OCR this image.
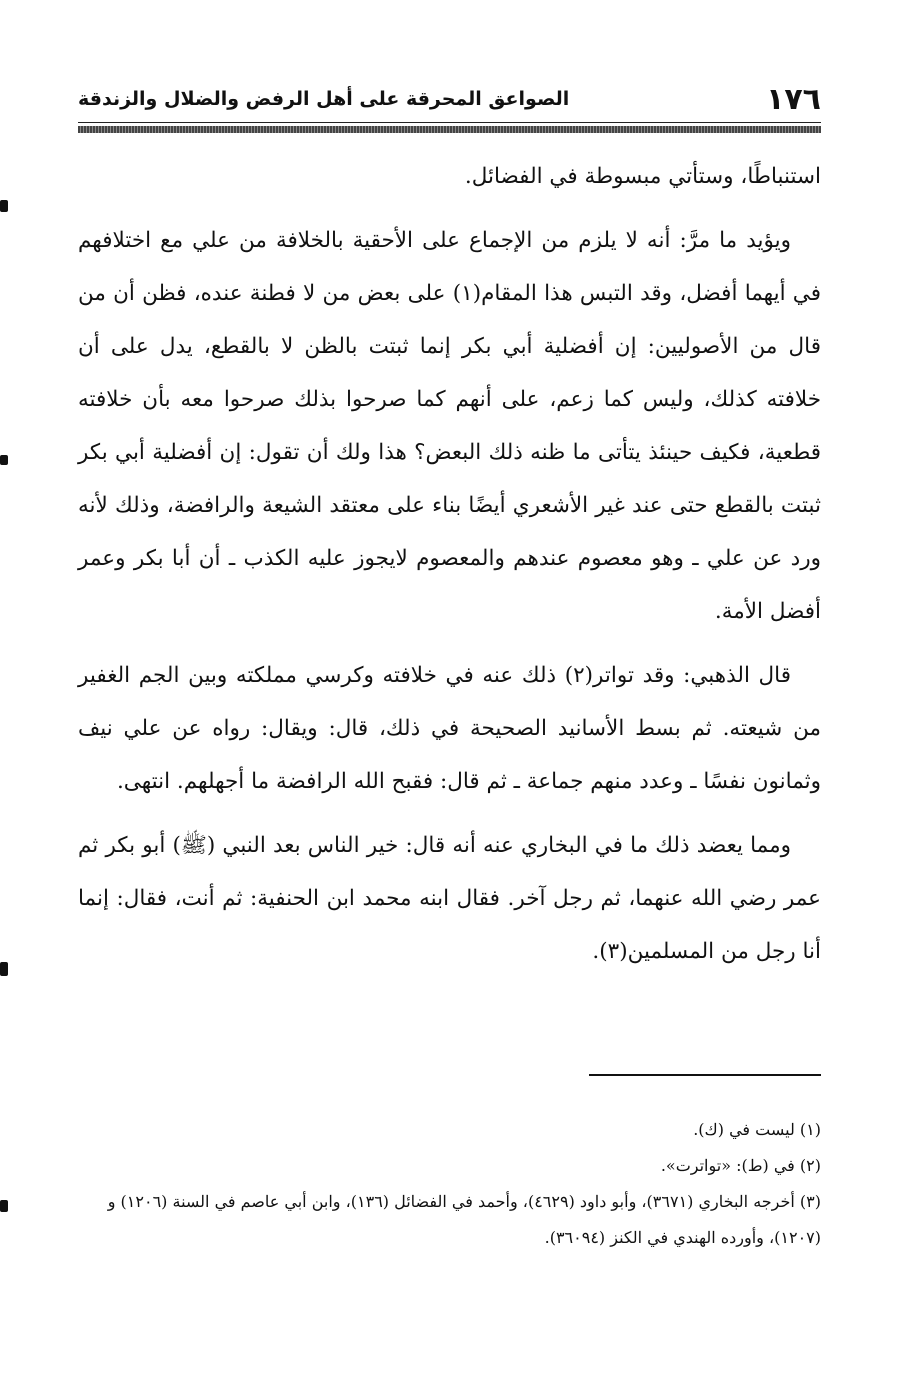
١٧٦
الصواعق المحرقة على أهل الرفض والضلال والزندقة

استنباطًا، وستأتي مبسوطة في الفضائل.

ويؤيد ما مرَّ: أنه لا يلزم من الإجماع على الأحقية بالخلافة من علي مع اختلافهم في أيهما أفضل، وقد التبس هذا المقام(١) على بعض من لا فطنة عنده، فظن أن من قال من الأصوليين: إن أفضلية أبي بكر إنما ثبتت بالظن لا بالقطع، يدل على أن خلافته كذلك، وليس كما زعم، على أنهم كما صرحوا بذلك صرحوا معه بأن خلافته قطعية، فكيف حينئذ يتأتى ما ظنه ذلك البعض؟ هذا ولك أن تقول: إن أفضلية أبي بكر ثبتت بالقطع حتى عند غير الأشعري أيضًا بناء على معتقد الشيعة والرافضة، وذلك لأنه ورد عن علي ـ وهو معصوم عندهم والمعصوم لايجوز عليه الكذب ـ أن أبا بكر وعمر أفضل الأمة.

قال الذهبي: وقد تواتر(٢) ذلك عنه في خلافته وكرسي مملكته وبين الجم الغفير من شيعته. ثم بسط الأسانيد الصحيحة في ذلك، قال: ويقال: رواه عن علي نيف وثمانون نفسًا ـ وعدد منهم جماعة ـ ثم قال: فقبح الله الرافضة ما أجهلهم. انتهى.

ومما يعضد ذلك ما في البخاري عنه أنه قال: خير الناس بعد النبي (ﷺ) أبو بكر ثم عمر رضي الله عنهما، ثم رجل آخر. فقال ابنه محمد ابن الحنفية: ثم أنت، فقال: إنما أنا رجل من المسلمين(٣).

(١) ليست في (ك).

(٢) في (ط): «تواترت».

(٣) أخرجه البخاري (٣٦٧١)، وأبو داود (٤٦٢٩)، وأحمد في الفضائل (١٣٦)، وابن أبي عاصم في السنة (١٢٠٦) و (١٢٠٧)، وأورده الهندي في الكنز (٣٦٠٩٤).
